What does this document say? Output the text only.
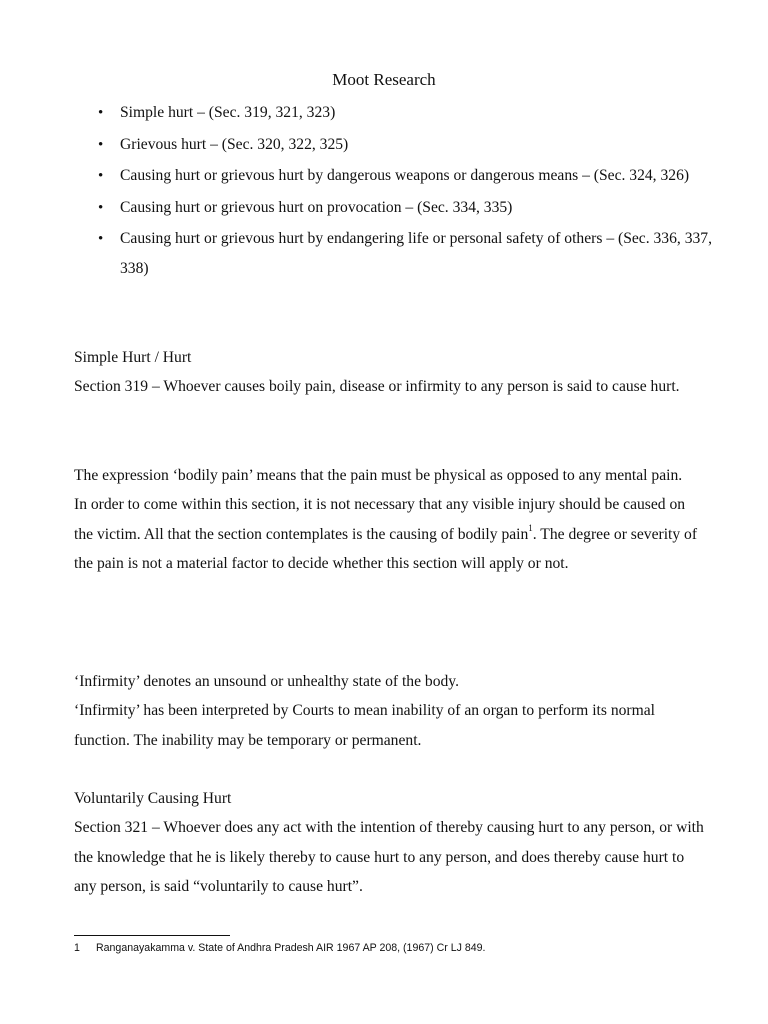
Moot Research
• Simple hurt – (Sec. 319, 321, 323)
• Grievous hurt – (Sec. 320, 322, 325)
• Causing hurt or grievous hurt by dangerous weapons or dangerous means – (Sec. 324, 326)
• Causing hurt or grievous hurt on provocation – (Sec. 334, 335)
• Causing hurt or grievous hurt by endangering life or personal safety of others – (Sec. 336, 337, 338)

Simple Hurt / Hurt

Section 319 – Whoever causes boily pain, disease or infirmity to any person is said to cause hurt.

The expression ‘bodily pain’ means that the pain must be physical as opposed to any mental pain.

In order to come within this section, it is not necessary that any visible injury should be caused on the victim. All that the section contemplates is the causing of bodily pain$^1$. The degree or severity of the pain is not a material factor to decide whether this section will apply or not.

‘Infirmity’ denotes an unsound or unhealthy state of the body.

‘Infirmity’ has been interpreted by Courts to mean inability of an organ to perform its normal function. The inability may be temporary or permanent.

Voluntarily Causing Hurt

Section 321 – Whoever does any act with the intention of thereby causing hurt to any person, or with the knowledge that he is likely thereby to cause hurt to any person, and does thereby cause hurt to any person, is said “voluntarily to cause hurt”.

1 Ranganayakamma v. State of Andhra Pradesh AIR 1967 AP 208, (1967) Cr LJ 849.
